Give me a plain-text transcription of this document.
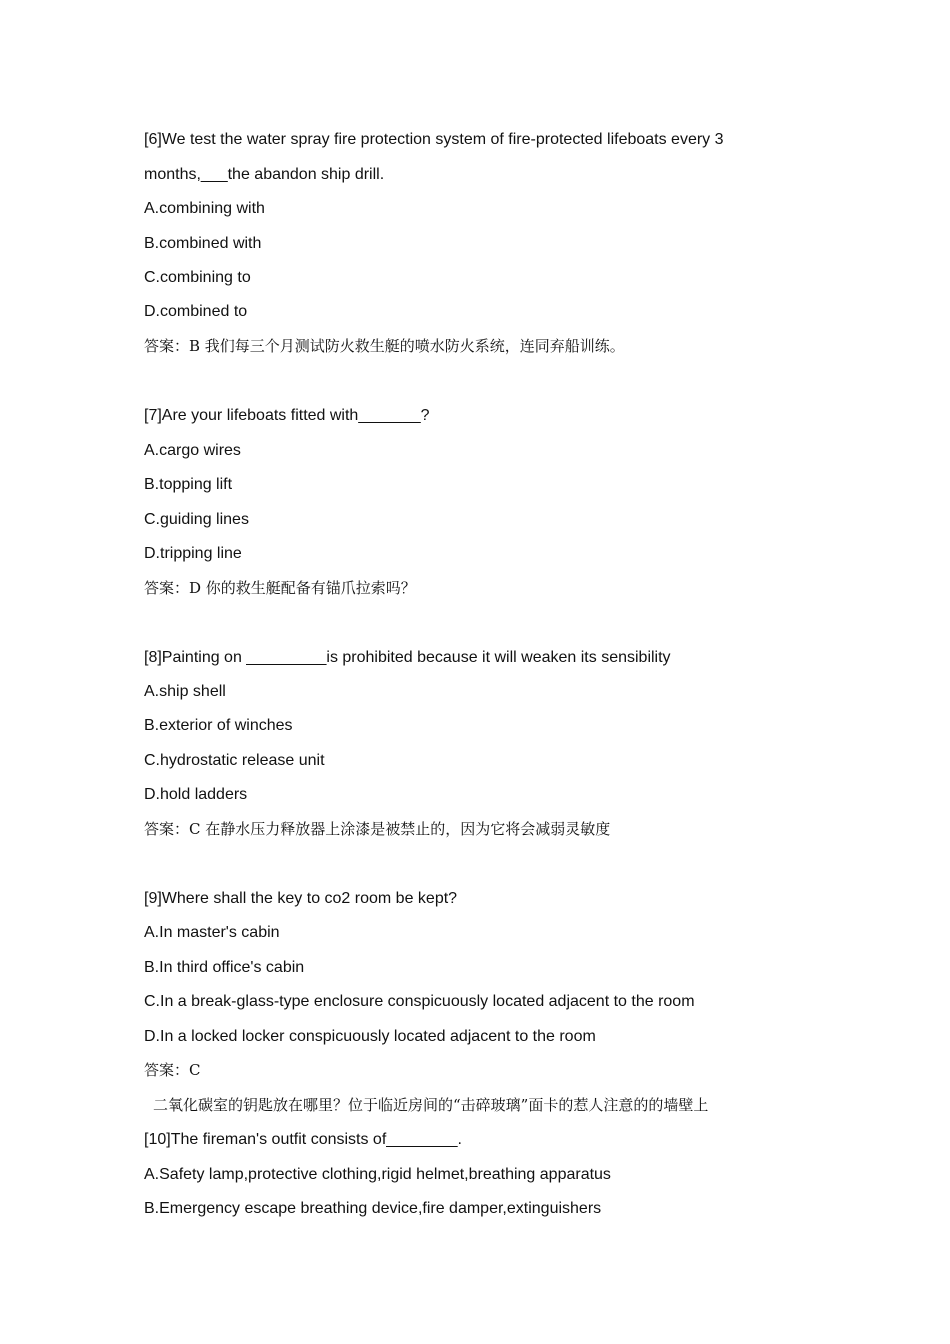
[6]We test the water spray fire protection system of fire-protected lifeboats every 3
months,___the abandon ship drill.
A.combining with
B.combined with
C.combining to
D.combined to
答案：B 我们每三个月测试防火救生艇的喷水防火系统，连同弃船训练。
[7]Are your lifeboats fitted with_______?
A.cargo wires
B.topping lift
C.guiding lines
D.tripping line
答案：D 你的救生艇配备有锚爪拉索吗？
[8]Painting on _________is prohibited because it will weaken its sensibility
A.ship shell
B.exterior of winches
C.hydrostatic release unit
D.hold ladders
答案：C 在静水压力释放器上涂漆是被禁止的，因为它将会减弱灵敏度
[9]Where shall the key to co2 room be kept?
A.In master's cabin
B.In third office's cabin
C.In a break-glass-type enclosure conspicuously located adjacent to the room
D.In a locked locker conspicuously located adjacent to the room
答案：C
二氧化碳室的钥匙放在哪里？位于临近房间的“击碎玻璃”面卡的惹人注意的的墙壁上
[10]The fireman's outfit consists of________.
A.Safety lamp,protective clothing,rigid helmet,breathing apparatus
B.Emergency escape breathing device,fire damper,extinguishers
